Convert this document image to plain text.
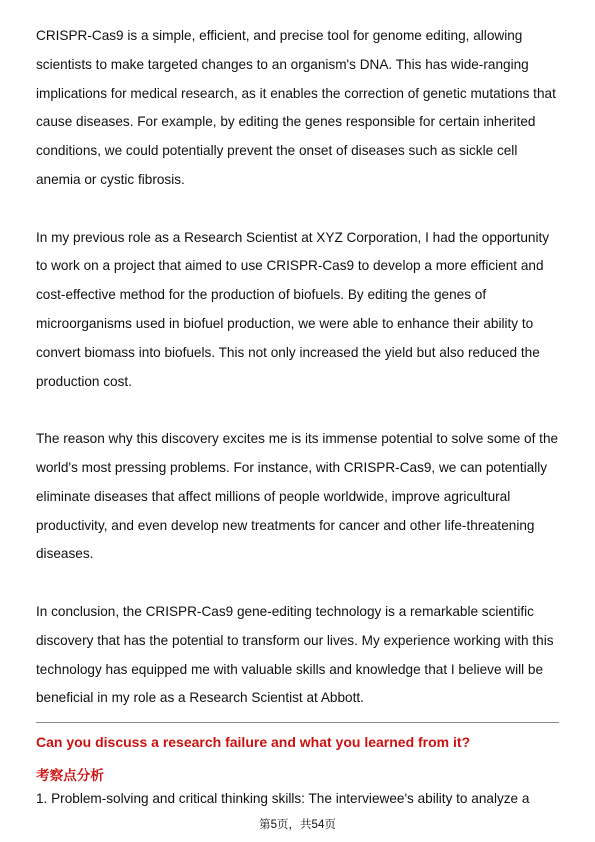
CRISPR-Cas9 is a simple, efficient, and precise tool for genome editing, allowing scientists to make targeted changes to an organism's DNA. This has wide-ranging implications for medical research, as it enables the correction of genetic mutations that cause diseases. For example, by editing the genes responsible for certain inherited conditions, we could potentially prevent the onset of diseases such as sickle cell anemia or cystic fibrosis.

In my previous role as a Research Scientist at XYZ Corporation, I had the opportunity to work on a project that aimed to use CRISPR-Cas9 to develop a more efficient and cost-effective method for the production of biofuels. By editing the genes of microorganisms used in biofuel production, we were able to enhance their ability to convert biomass into biofuels. This not only increased the yield but also reduced the production cost.

The reason why this discovery excites me is its immense potential to solve some of the world's most pressing problems. For instance, with CRISPR-Cas9, we can potentially eliminate diseases that affect millions of people worldwide, improve agricultural productivity, and even develop new treatments for cancer and other life-threatening diseases.

In conclusion, the CRISPR-Cas9 gene-editing technology is a remarkable scientific discovery that has the potential to transform our lives. My experience working with this technology has equipped me with valuable skills and knowledge that I believe will be beneficial in my role as a Research Scientist at Abbott.

Can you discuss a research failure and what you learned from it?
考察点分析
1. Problem-solving and critical thinking skills: The interviewee's ability to analyze a
第5页，共54页
